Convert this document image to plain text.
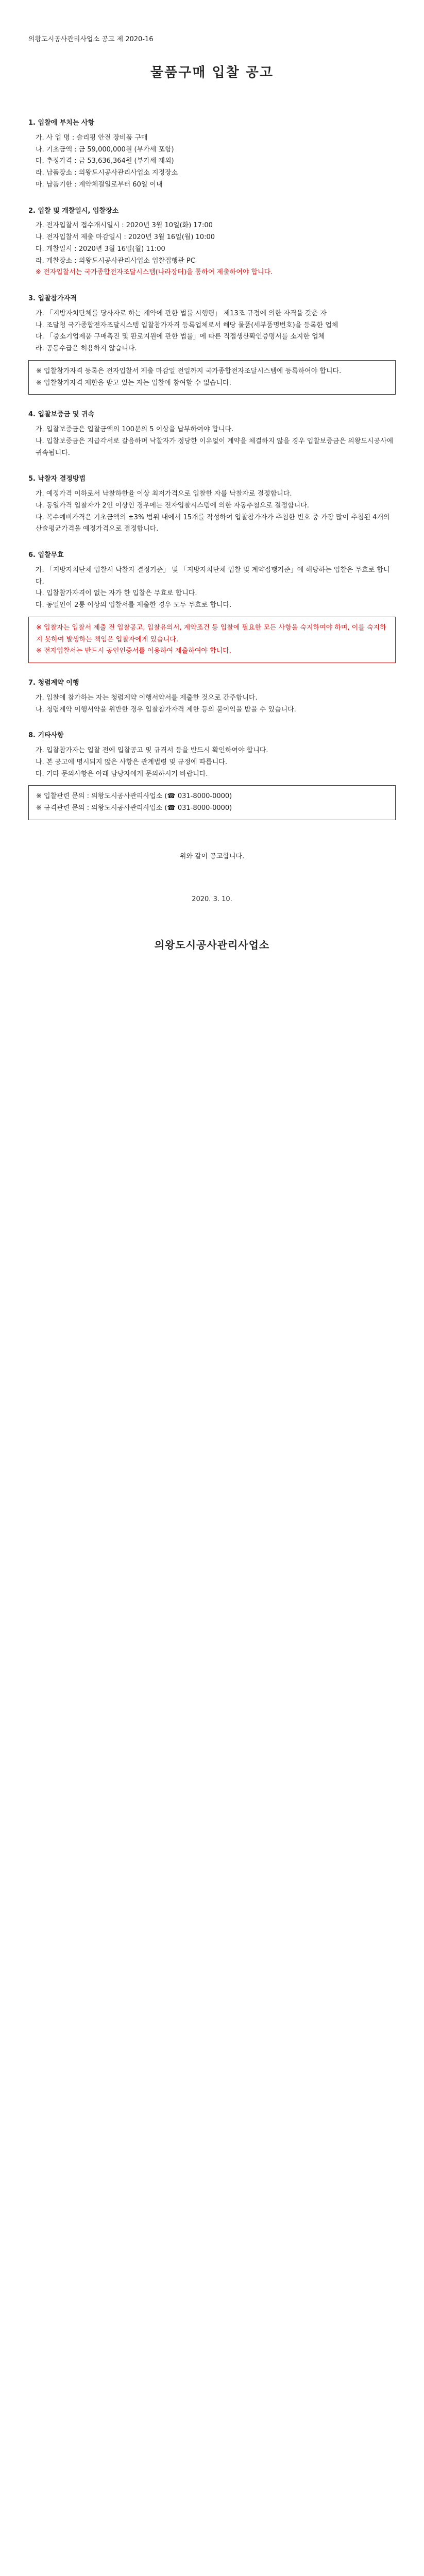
의왕도시공사관리사업소 공고 제 2020-16
물품구매 입찰 공고
1. 입찰에 부치는 사항
가. 사 업 명 : 슬리핑 안전 장비품 구매
나. 기초금액 : 금 59,000,000원 (부가세 포함)
다. 추정가격 : 금 53,636,364원 (부가세 제외)
라. 납품장소 : 의왕도시공사관리사업소 지정장소
마. 납품기한 : 계약체결일로부터 60일 이내
2. 입찰 및 개찰일시, 입찰장소
가. 전자입찰서 접수개시일시 : 2020년 3월 10일(화) 17:00
나. 전자입찰서 제출 마감일시 : 2020년 3월 16일(월) 10:00
다. 개찰일시 : 2020년 3월 16일(월) 11:00
라. 개찰장소 : 의왕도시공사관리사업소 입찰집행관 PC
※ 전자입찰서는 국가종합전자조달시스템(나라장터)을 통하여 제출하여야 합니다.
3. 입찰참가자격
가. 「지방자치단체를 당사자로 하는 계약에 관한 법률 시행령」 제13조 규정에 의한 자격을 갖춘 자
나. 조달청 국가종합전자조달시스템 입찰참가자격 등록업체로서 해당 물품(세부품명번호)을 등록한 업체
다. 「중소기업제품 구매촉진 및 판로지원에 관한 법률」에 따른 직접생산확인증명서를 소지한 업체
라. 공동수급은 허용하지 않습니다.
※ 입찰참가자격 등록은 전자입찰서 제출 마감일 전일까지 국가종합전자조달시스템에 등록하여야 합니다.
※ 입찰참가자격 제한을 받고 있는 자는 입찰에 참여할 수 없습니다.
4. 입찰보증금 및 귀속
가. 입찰보증금은 입찰금액의 100분의 5 이상을 납부하여야 합니다.
나. 입찰보증금은 지급각서로 갈음하며 낙찰자가 정당한 이유없이 계약을 체결하지 않을 경우 입찰보증금은 의왕도시공사에 귀속됩니다.
5. 낙찰자 결정방법
가. 예정가격 이하로서 낙찰하한율 이상 최저가격으로 입찰한 자를 낙찰자로 결정합니다.
나. 동일가격 입찰자가 2인 이상인 경우에는 전자입찰시스템에 의한 자동추첨으로 결정합니다.
다. 복수예비가격은 기초금액의 ±3% 범위 내에서 15개를 작성하여 입찰참가자가 추첨한 번호 중 가장 많이 추첨된 4개의 산술평균가격을 예정가격으로 결정합니다.
6. 입찰무효
가. 「지방자치단체 입찰시 낙찰자 결정기준」 및 「지방자치단체 입찰 및 계약집행기준」에 해당하는 입찰은 무효로 합니다.
나. 입찰참가자격이 없는 자가 한 입찰은 무효로 합니다.
다. 동일인이 2통 이상의 입찰서를 제출한 경우 모두 무효로 합니다.
※ 입찰자는 입찰서 제출 전 입찰공고, 입찰유의서, 계약조건 등 입찰에 필요한 모든 사항을 숙지하여야 하며, 이를 숙지하지 못하여 발생하는 책임은 입찰자에게 있습니다.
※ 전자입찰서는 반드시 공인인증서를 이용하여 제출하여야 합니다.
7. 청렴계약 이행
가. 입찰에 참가하는 자는 청렴계약 이행서약서를 제출한 것으로 간주합니다.
나. 청렴계약 이행서약을 위반한 경우 입찰참가자격 제한 등의 불이익을 받을 수 있습니다.
8. 기타사항
가. 입찰참가자는 입찰 전에 입찰공고 및 규격서 등을 반드시 확인하여야 합니다.
나. 본 공고에 명시되지 않은 사항은 관계법령 및 규정에 따릅니다.
다. 기타 문의사항은 아래 담당자에게 문의하시기 바랍니다.
※ 입찰관련 문의 : 의왕도시공사관리사업소 (☎ 031-8000-0000)
※ 규격관련 문의 : 의왕도시공사관리사업소 (☎ 031-8000-0000)
위와 같이 공고합니다.
2020. 3. 10.
의왕도시공사관리사업소
